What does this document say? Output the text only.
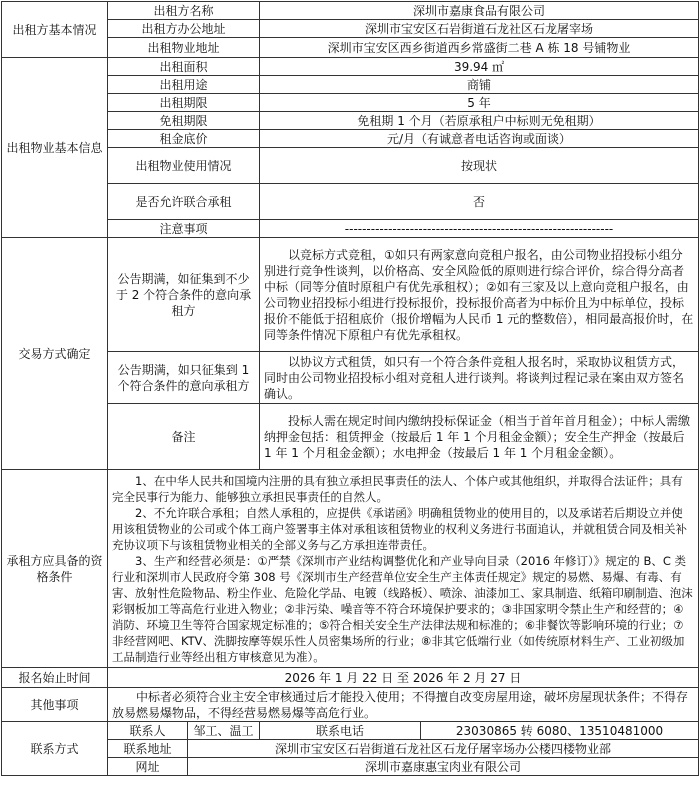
出租方基本情况	出租方名称		深圳市嘉康食品有限公司	
	出租方办公地址		深圳市宝安区石岩街道石龙社区石龙屠宰场	
	出租物业地址		深圳市宝安区西乡街道西乡常盛街二巷 A 栋 18 号铺物业	
出租物业基本信息	出租面积		39.94 ㎡	
	出租用途		商铺	
	出租期限		5 年	
	免租期限		免租期 1 个月（若原承租户中标则无免租期）	
	租金底价		元/月（有诚意者电话咨询或面谈）	
	出租物业使用情况		按现状	
	是否允许联合承租		否	
	注意事项		--------------------------------------------------------------	
交易方式确定	公告期满，如征集到不少于 2 个符合条件的意向承租方		以竞标方式竞租，①如只有两家意向竞租户报名，由公司物业招投标小组分别进行竞争性谈判，以价格高、安全风险低的原则进行综合评价，综合得分高者中标（同等分值时原租户有优先承租权）；②如有三家及以上意向竞租户报名，由公司物业招投标小组进行投标报价，投标报价高者为中标价且为中标单位，投标报价不能低于招租底价（报价增幅为人民币 1 元的整数倍），相同最高报价时，在同等条件情况下原租户有优先承租权。	
	公告期满，如只征集到 1 个符合条件的意向承租方		以协议方式租赁，如只有一个符合条件竞租人报名时，采取协议租赁方式，同时由公司物业招投标小组对竞租人进行谈判。将谈判过程记录在案由双方签名确认。	
	备注		投标人需在规定时间内缴纳投标保证金（相当于首年首月租金）；中标人需缴纳押金包括：租赁押金（按最后 1 年 1 个月租金金额）；安全生产押金（按最后 1 年 1 个月租金金额）；水电押金（按最后 1 年 1 个月租金金额）。	
承租方应具备的资格条件	1、在中华人民共和国境内注册的具有独立承担民事责任的法人、个体户或其他组织，并取得合法证件；具有完全民事行为能力、能够独立承担民事责任的自然人。

2、不允许联合承租；自然人承租的，应提供《承诺函》明确租赁物业的使用目的，以及承诺若后期设立并使用该租赁物业的公司或个体工商户签署事主体对承租该租赁物业的权利义务进行书面追认，并就租赁合同及相关补充协议项下与该租赁物业相关的全部义务与乙方承担连带责任。

3、生产和经营必须是：①严禁《深圳市产业结构调整优化和产业导向目录（2016 年修订）》规定的 B、C 类行业和深圳市人民政府令第 308 号《深圳市生产经营单位安全生产主体责任规定》规定的易燃、易爆、有毒、有害、放射性危险物品、粉尘作业、危险化学品、电镀（线路板）、喷涂、油漆加工、家具制造、纸箱印刷制造、泡沫彩钢板加工等高危行业进入物业；②非污染、噪音等不符合环境保护要求的；③非国家明令禁止生产和经营的；④消防、环境卫生等符合国家规定标准的；⑤符合相关安全生产法律法规和标准的；⑥非餐饮等影响环境的行业；⑦非经营网吧、KTV、洗脚按摩等娱乐性人员密集场所的行业；⑧非其它低端行业（如传统原材料生产、工业初级加工品制造行业等经出租方审核意见为准）。			

报名始止时间	2026 年 1 月 22 日 至 2026 年 2 月 27 日			
其他事项	中标者必须符合业主安全审核通过后才能投入使用；不得擅自改变房屋用途，破坏房屋现状条件；不得存放易燃易爆物品，不得经营易燃易爆等高危行业。			
联系方式	联系人	邹工、温工	联系电话	23030865 转 6080、13510481000
	联系地址	深圳市宝安区石岩街道石龙社区石龙仔屠宰场办公楼四楼物业部		
	网址	深圳市嘉康惠宝肉业有限公司		
